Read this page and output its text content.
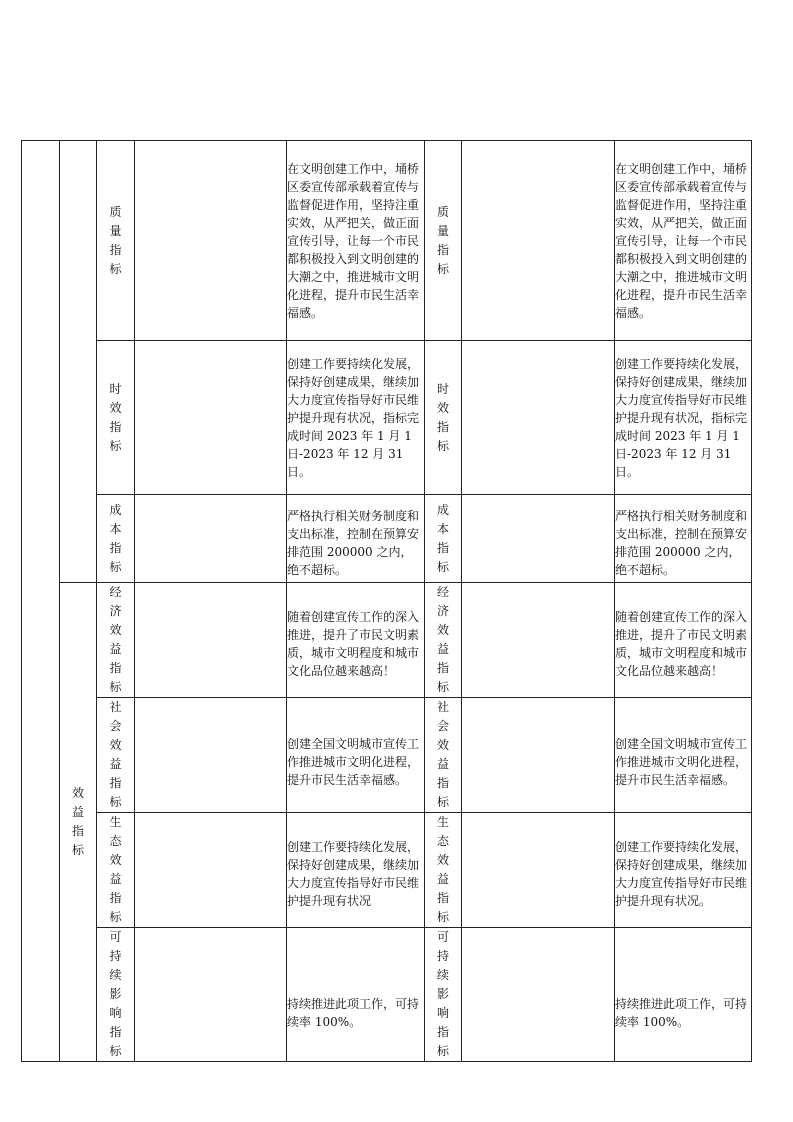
		质量指标		在文明创建工作中，埇桥区委宣传部承载着宣传与监督促进作用，坚持注重实效，从严把关，做正面宣传引导，让每一个市民都积极投入到文明创建的大潮之中，推进城市文明化进程，提升市民生活幸福感。	质量指标		在文明创建工作中，埇桥区委宣传部承载着宣传与监督促进作用，坚持注重实效，从严把关，做正面宣传引导，让每一个市民都积极投入到文明创建的大潮之中，推进城市文明化进程，提升市民生活幸福感。

		时效指标		创建工作要持续化发展，保持好创建成果，继续加大力度宣传指导好市民维护提升现有状况，指标完成时间 2023 年 1 月 1 日-2023 年 12 月 31 日。	时效指标		创建工作要持续化发展，保持好创建成果，继续加大力度宣传指导好市民维护提升现有状况，指标完成时间 2023 年 1 月 1 日-2023 年 12 月 31 日。

		成本指标		严格执行相关财务制度和支出标准，控制在预算安排范围 200000 之内，绝不超标。	成本指标		严格执行相关财务制度和支出标准，控制在预算安排范围 200000 之内，绝不超标。

	效益指标	经济效益指标		随着创建宣传工作的深入推进，提升了市民文明素质，城市文明程度和城市文化品位越来越高！	经济效益指标		随着创建宣传工作的深入推进，提升了市民文明素质，城市文明程度和城市文化品位越来越高！

		社会效益指标		创建全国文明城市宣传工作推进城市文明化进程，提升市民生活幸福感。	社会效益指标		创建全国文明城市宣传工作推进城市文明化进程，提升市民生活幸福感。

		生态效益指标		创建工作要持续化发展，保持好创建成果，继续加大力度宣传指导好市民维护提升现有状况	生态效益指标		创建工作要持续化发展，保持好创建成果，继续加大力度宣传指导好市民维护提升现有状况。

		可持续影响指标		持续推进此项工作，可持续率 100%。	可持续影响指标		持续推进此项工作，可持续率 100%。
